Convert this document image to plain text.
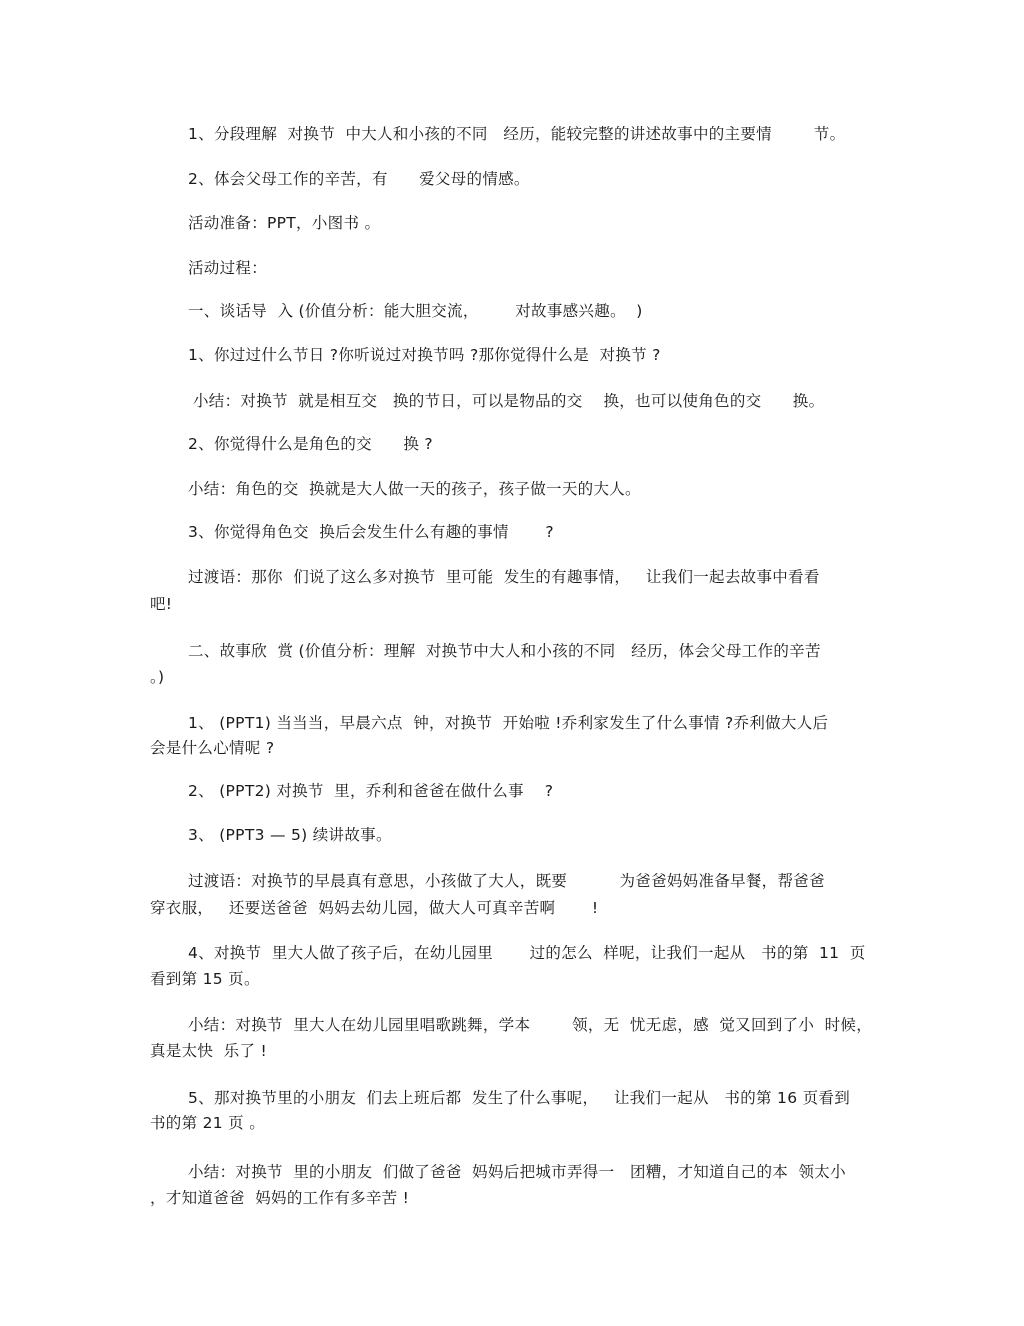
1、分段理解  对换节  中大人和小孩的不同   经历，能较完整的讲述故事中的主要情        节。

2、体会父母工作的辛苦，有      爱父母的情感。

活动准备：PPT，小图书 。

活动过程：

一、谈话导  入 (价值分析：能大胆交流，       对故事感兴趣。  )

1、你过过什么节日 ?你听说过对换节吗 ?那你觉得什么是  对换节 ?

小结：对换节  就是相互交   换的节日，可以是物品的交    换，也可以使角色的交      换。

2、你觉得什么是角色的交      换 ?

小结：角色的交  换就是大人做一天的孩子，孩子做一天的大人。

3、你觉得角色交  换后会发生什么有趣的事情       ?

过渡语：那你  们说了这么多对换节  里可能  发生的有趣事情，   让我们一起去故事中看看

吧!

二、故事欣  赏 (价值分析：理解  对换节中大人和小孩的不同   经历，体会父母工作的辛苦

。)

1、 (PPT1) 当当当，早晨六点  钟，对换节  开始啦 !乔利家发生了什么事情 ?乔利做大人后

会是什么心情呢 ?

2、 (PPT2) 对换节  里，乔利和爸爸在做什么事    ?

3、 (PPT3 — 5) 续讲故事。

过渡语：对换节的早晨真有意思，小孩做了大人，既要          为爸爸妈妈准备早餐，帮爸爸

穿衣服，   还要送爸爸  妈妈去幼儿园，做大人可真辛苦啊       !

4、对换节  里大人做了孩子后，在幼儿园里       过的怎么  样呢，让我们一起从   书的第  11  页

看到第 15 页。

小结：对换节  里大人在幼儿园里唱歌跳舞，学本        领，无  忧无虑，感  觉又回到了小  时候，

真是太快  乐了 !

5、那对换节里的小朋友  们去上班后都  发生了什么事呢，   让我们一起从   书的第 16 页看到

书的第 21 页 。

小结：对换节  里的小朋友  们做了爸爸  妈妈后把城市弄得一   团糟，才知道自己的本  领太小

，才知道爸爸  妈妈的工作有多辛苦 !
